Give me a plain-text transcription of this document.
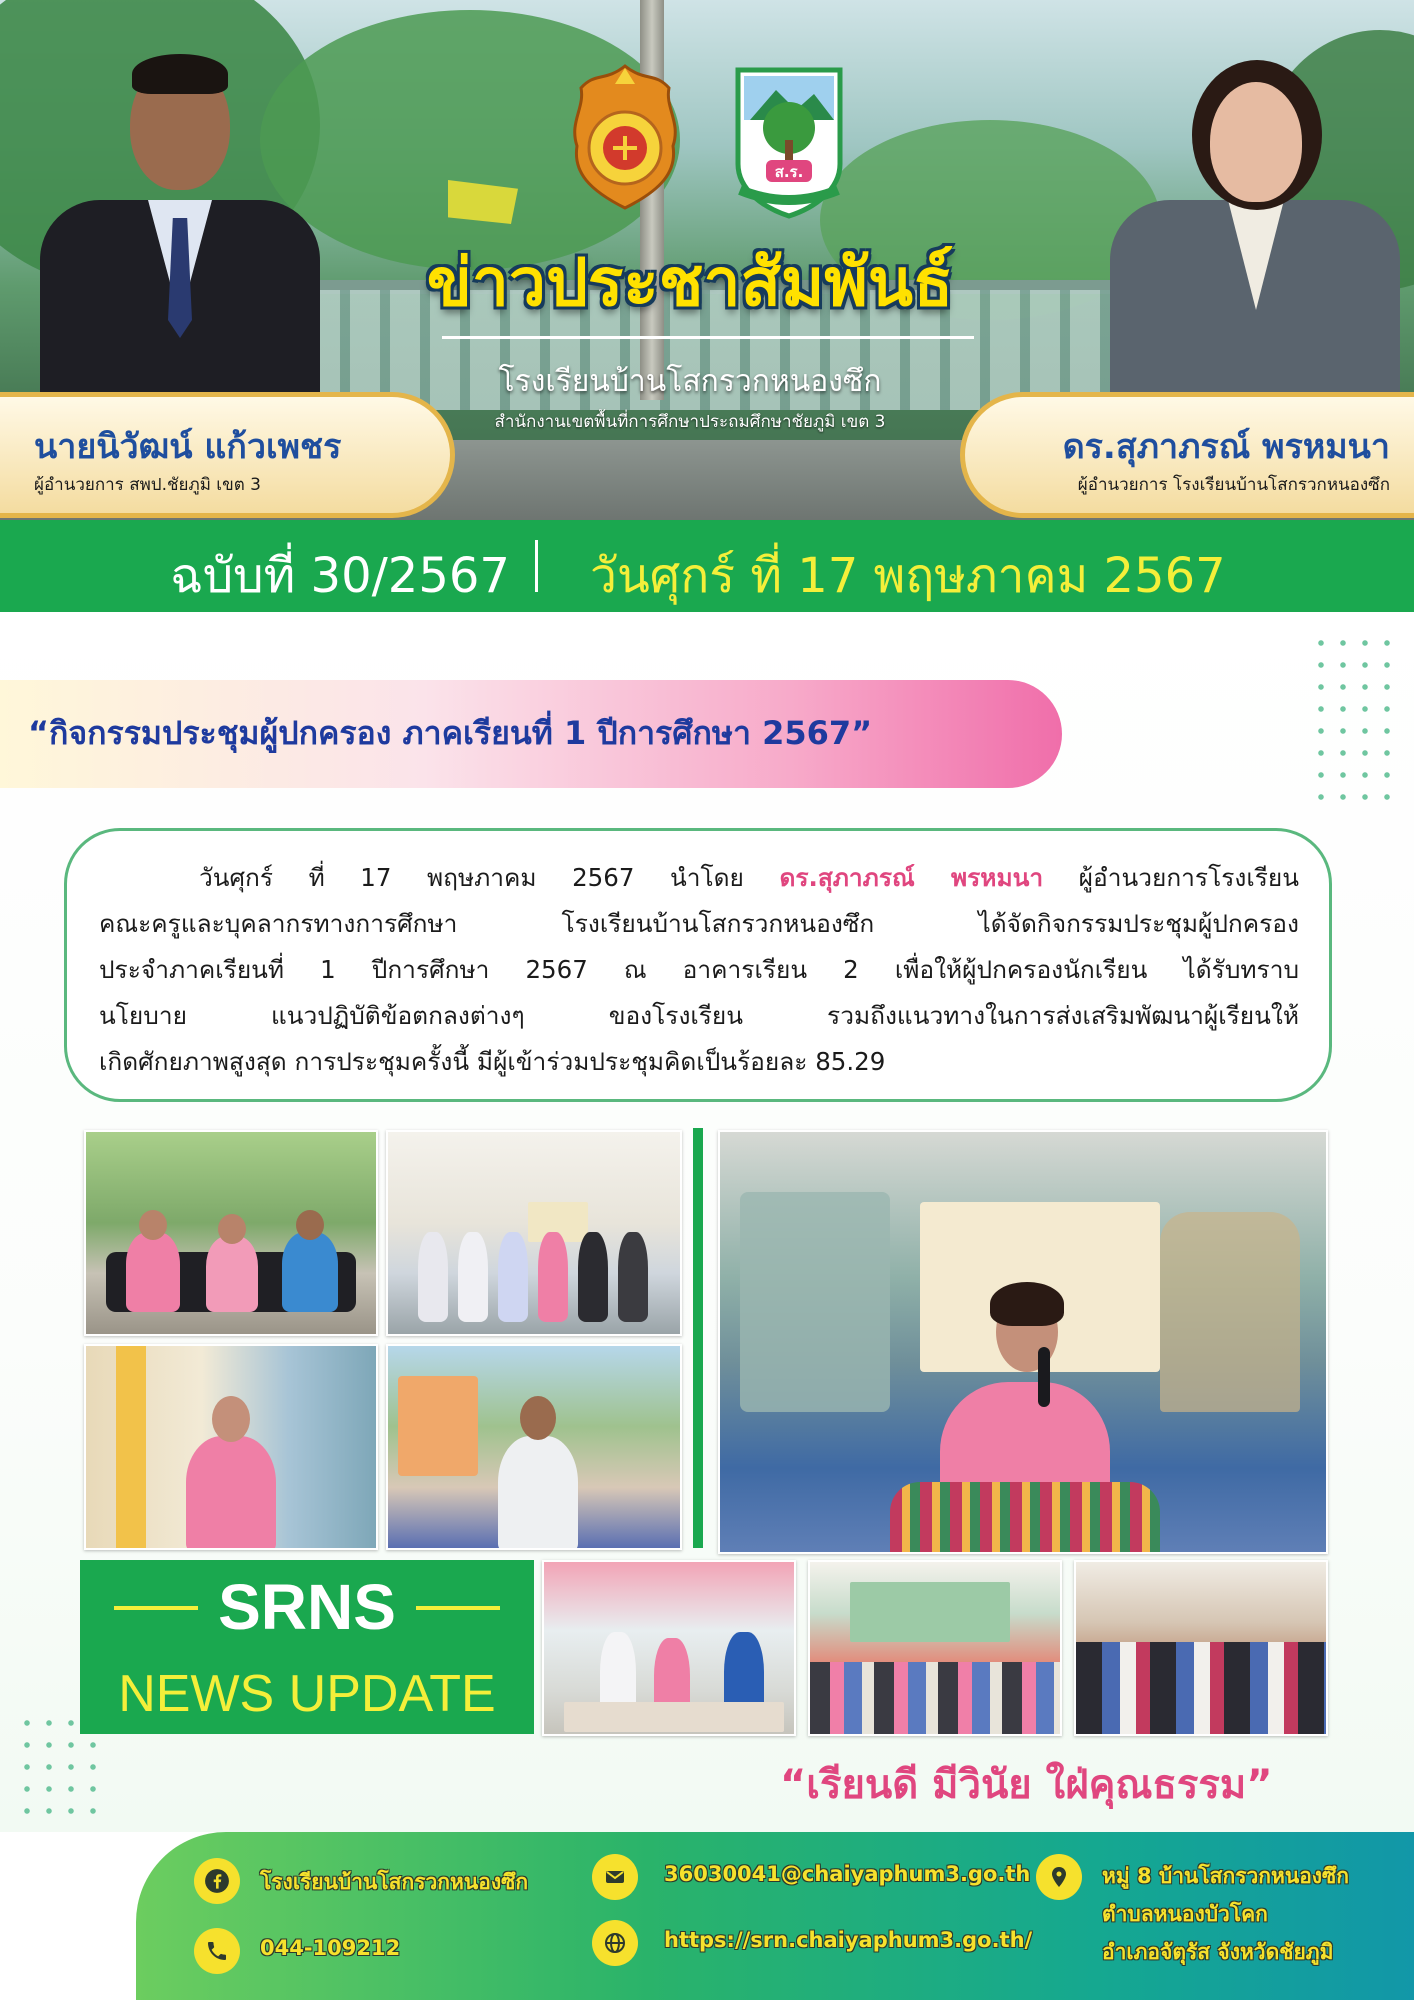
ส.ร.
ข่าวประชาสัมพันธ์
โรงเรียนบ้านโสกรวกหนองซึก
สำนักงานเขตพื้นที่การศึกษาประถมศึกษาชัยภูมิ เขต 3
นายนิวัฒน์ แก้วเพชร
ผู้อำนวยการ สพป.ชัยภูมิ เขต 3
ดร.สุภาภรณ์ พรหมนา
ผู้อำนวยการ โรงเรียนบ้านโสกรวกหนองซึก
ฉบับที่ 30/2567 วันศุกร์ ที่ 17 พฤษภาคม 2567
“กิจกรรมประชุมผู้ปกครอง ภาคเรียนที่ 1 ปีการศึกษา 2567”

วันศุกร์ ที่ 17 พฤษภาคม 2567 นำโดย ดร.สุภาภรณ์ พรหมนา ผู้อำนวยการโรงเรียน
คณะครูและบุคลากรทางการศึกษา โรงเรียนบ้านโสกรวกหนองซึก ได้จัดกิจกรรมประชุมผู้ปกครอง
ประจำภาคเรียนที่ 1 ปีการศึกษา 2567 ณ อาคารเรียน 2 เพื่อให้ผู้ปกครองนักเรียน ได้รับทราบ
นโยบาย แนวปฏิบัติข้อตกลงต่างๆ ของโรงเรียน รวมถึงแนวทางในการส่งเสริมพัฒนาผู้เรียนให้
เกิดศักยภาพสูงสุด การประชุมครั้งนี้ มีผู้เข้าร่วมประชุมคิดเป็นร้อยละ 85.29

SRNS
NEWS UPDATE
“เรียนดี มีวินัย ใฝ่คุณธรรม”
โรงเรียนบ้านโสกรวกหนองซึก
044-109212
36030041@chaiyaphum3.go.th
https://srn.chaiyaphum3.go.th/
หมู่ 8 บ้านโสกรวกหนองซึก
ตำบลหนองบัวโคก
อำเภอจัตุรัส จังหวัดชัยภูมิ
